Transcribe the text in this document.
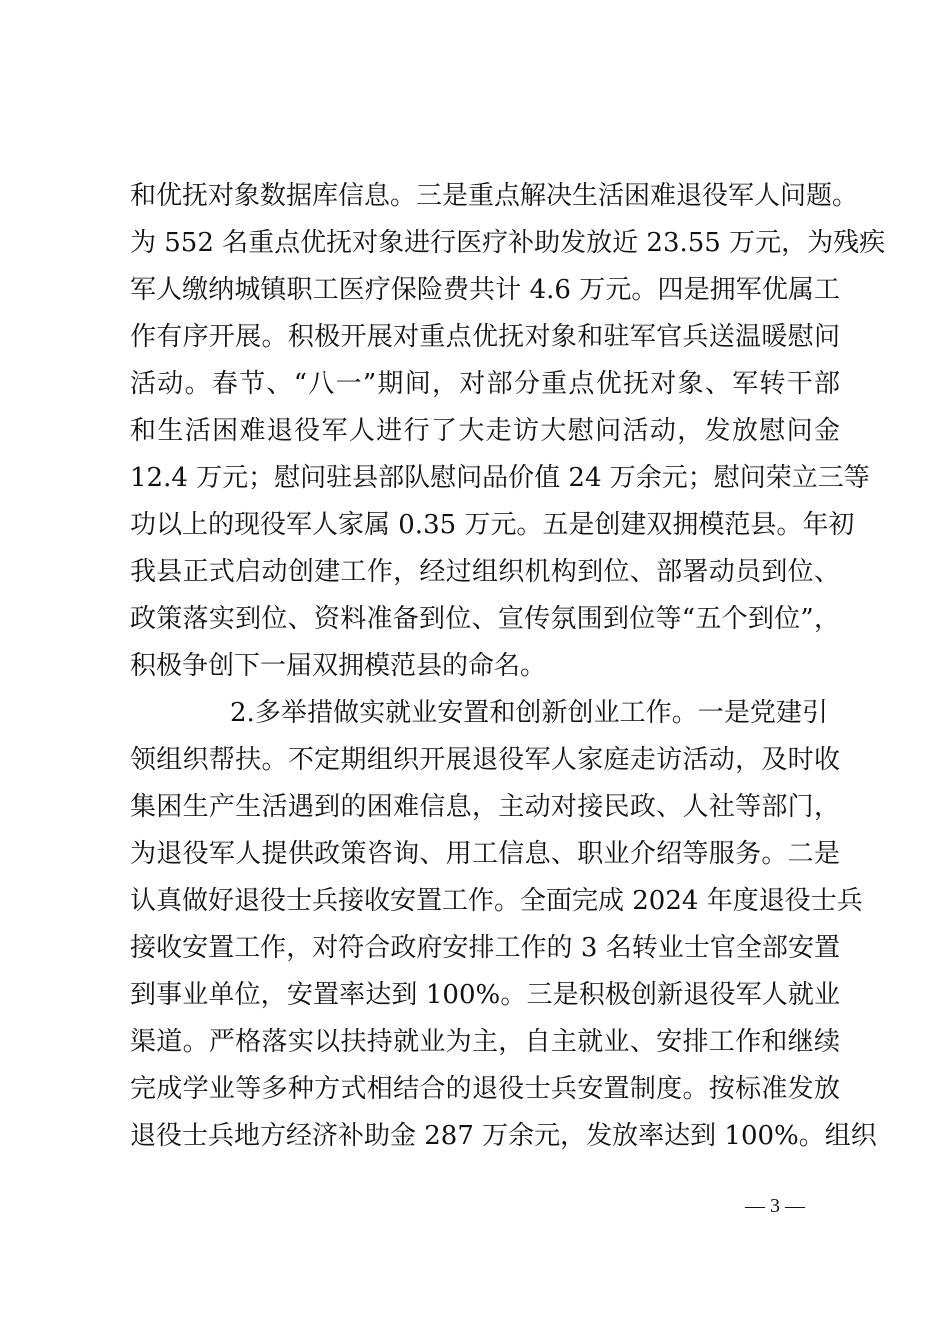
和优抚对象数据库信息。三是重点解决生活困难退役军人问题。
为 552 名重点优抚对象进行医疗补助发放近 23.55 万元，为残疾
军人缴纳城镇职工医疗保险费共计 4.6 万元。四是拥军优属工
作有序开展。积极开展对重点优抚对象和驻军官兵送温暖慰问
活动。春节、“八一”期间，对部分重点优抚对象、军转干部
和生活困难退役军人进行了大走访大慰问活动，发放慰问金
12.4 万元；慰问驻县部队慰问品价值 24 万余元；慰问荣立三等
功以上的现役军人家属 0.35 万元。五是创建双拥模范县。年初
我县正式启动创建工作，经过组织机构到位、部署动员到位、
政策落实到位、资料准备到位、宣传氛围到位等“五个到位”，
积极争创下一届双拥模范县的命名。
2.多举措做实就业安置和创新创业工作。一是党建引
领组织帮扶。不定期组织开展退役军人家庭走访活动，及时收
集困生产生活遇到的困难信息，主动对接民政、人社等部门，
为退役军人提供政策咨询、用工信息、职业介绍等服务。二是
认真做好退役士兵接收安置工作。全面完成 2024 年度退役士兵
接收安置工作，对符合政府安排工作的 3 名转业士官全部安置
到事业单位，安置率达到 100%。三是积极创新退役军人就业
渠道。严格落实以扶持就业为主，自主就业、安排工作和继续
完成学业等多种方式相结合的退役士兵安置制度。按标准发放
退役士兵地方经济补助金 287 万余元，发放率达到 100%。组织
— 3 —
